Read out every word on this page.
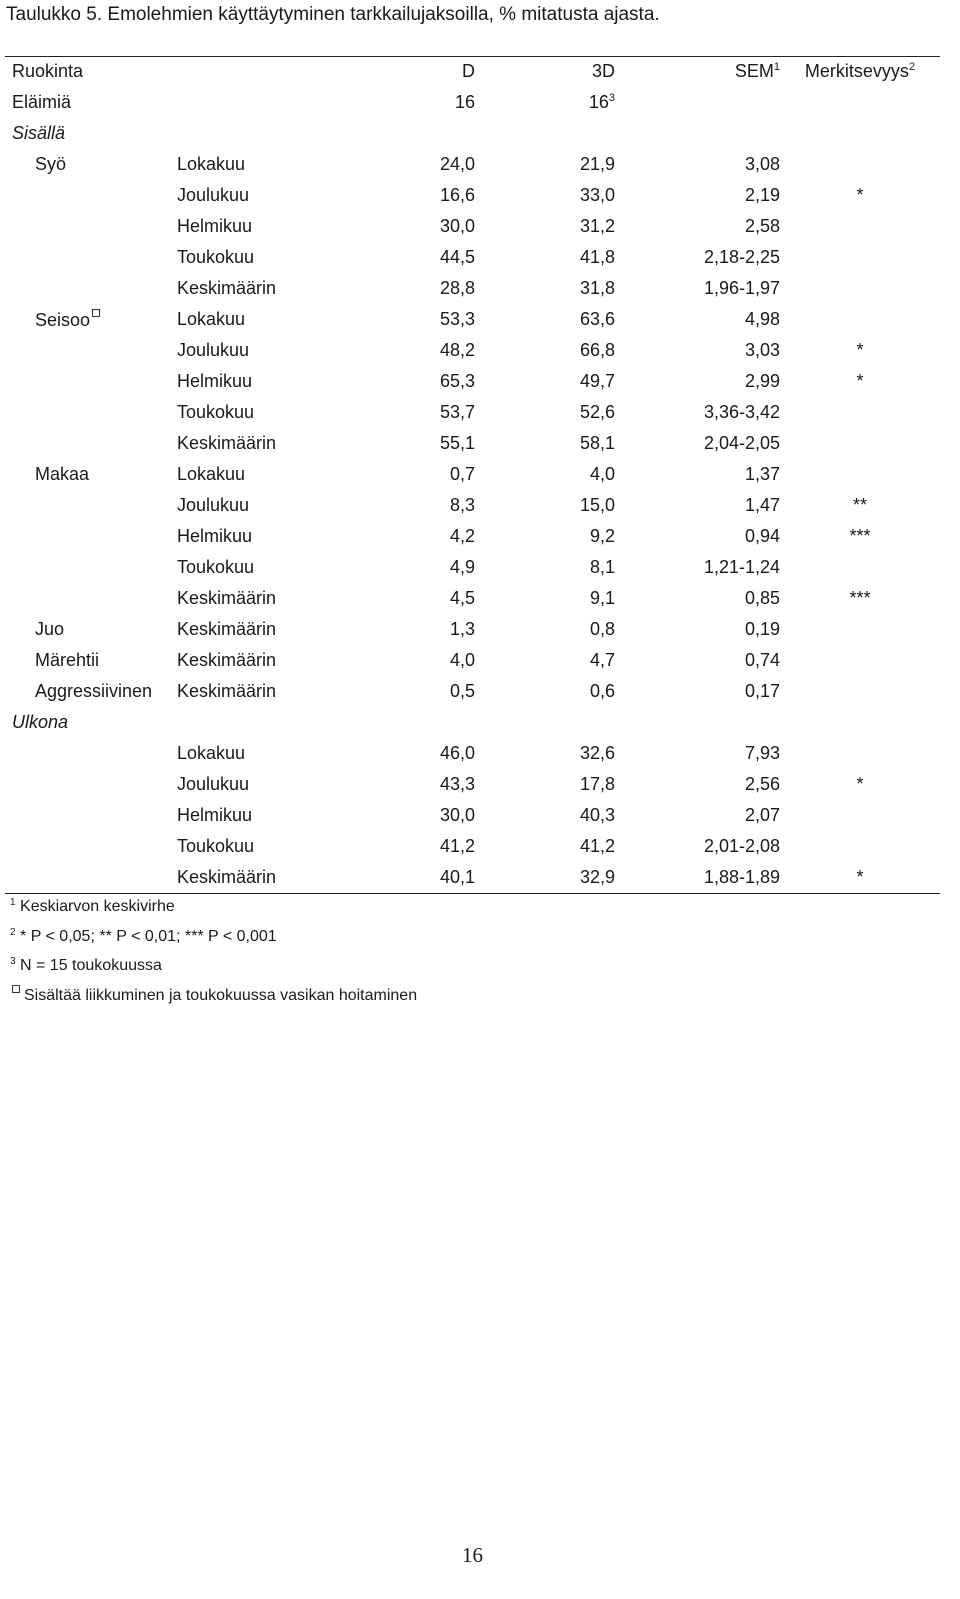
Taulukko 5. Emolehmien käyttäytyminen tarkkailujaksoilla, % mitatusta ajasta.
Ruokinta		D	3D	SEM$^1$	Merkitsevyys$^2$
Eläimiä		16	$16^3$		
Sisällä					
Syö	Lokakuu	24,0	21,9	3,08	
	Joulukuu	16,6	33,0	2,19	*
	Helmikuu	30,0	31,2	2,58	
	Toukokuu	44,5	41,8	2,18-2,25	
	Keskimäärin	28,8	31,8	1,96-1,97	
Seisoo	Lokakuu	53,3	63,6	4,98	
	Joulukuu	48,2	66,8	3,03	*
	Helmikuu	65,3	49,7	2,99	*
	Toukokuu	53,7	52,6	3,36-3,42	
	Keskimäärin	55,1	58,1	2,04-2,05	
Makaa	Lokakuu	0,7	4,0	1,37	
	Joulukuu	8,3	15,0	1,47	**
	Helmikuu	4,2	9,2	0,94	***
	Toukokuu	4,9	8,1	1,21-1,24	
	Keskimäärin	4,5	9,1	0,85	***
Juo	Keskimäärin	1,3	0,8	0,19	
Märehtii	Keskimäärin	4,0	4,7	0,74	
Aggressiivinen	Keskimäärin	0,5	0,6	0,17	
Ulkona					
	Lokakuu	46,0	32,6	7,93	
	Joulukuu	43,3	17,8	2,56	*
	Helmikuu	30,0	40,3	2,07	
	Toukokuu	41,2	41,2	2,01-2,08	
	Keskimäärin	40,1	32,9	1,88-1,89	*
$^1$ Keskiarvon keskivirhe
$^2$ * P < 0,05; ** P < 0,01; *** P < 0,001
$^3$ N = 15 toukokuussa
Sisältää liikkuminen ja toukokuussa vasikan hoitaminen
16
